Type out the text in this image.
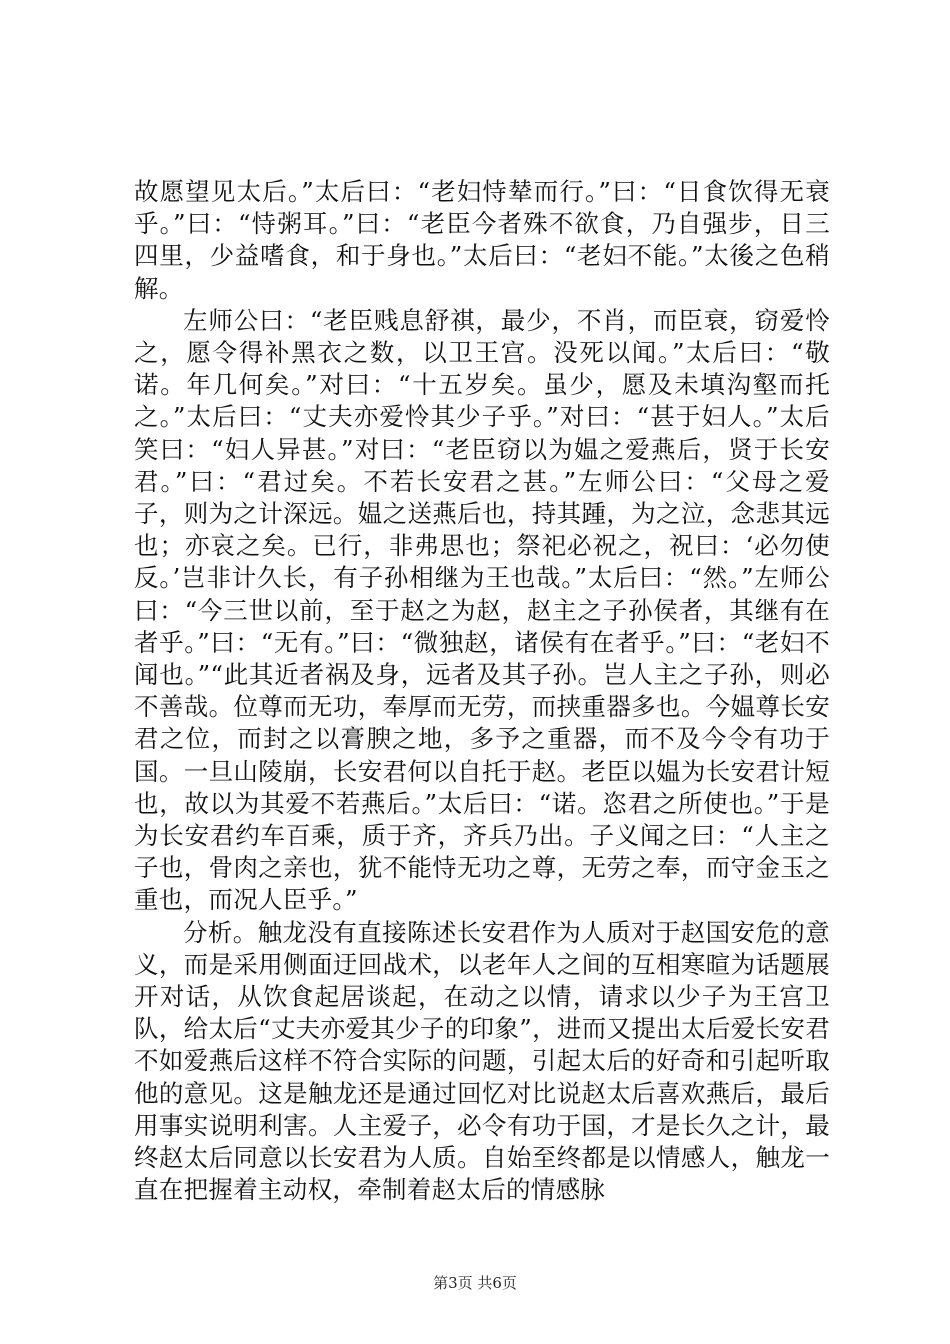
故愿望见太后。”太后曰：“老妇恃辇而行。”曰：“日食饮得无衰乎。”曰：“恃粥耳。”曰：“老臣今者殊不欲食，乃自强步，日三四里，少益嗜食，和于身也。”太后曰：“老妇不能。”太後之色稍解。

左师公曰：“老臣贱息舒祺，最少，不肖，而臣衰，窃爱怜之，愿令得补黑衣之数，以卫王宫。没死以闻。”太后曰：“敬诺。年几何矣。”对曰：“十五岁矣。虽少，愿及未填沟壑而托之。”太后曰：“丈夫亦爱怜其少子乎。”对曰：“甚于妇人。”太后笑曰：“妇人异甚。”对曰：“老臣窃以为媪之爱燕后，贤于长安君。”曰：“君过矣。不若长安君之甚。”左师公曰：“父母之爱子，则为之计深远。媪之送燕后也，持其踵，为之泣，念悲其远也；亦哀之矣。已行，非弗思也；祭祀必祝之，祝曰：‘必勿使反。’岂非计久长，有子孙相继为王也哉。”太后曰：“然。”左师公曰：“今三世以前，至于赵之为赵，赵主之子孙侯者，其继有在者乎。”曰：“无有。”曰：“微独赵，诸侯有在者乎。”曰：“老妇不闻也。”“此其近者祸及身，远者及其子孙。岂人主之子孙，则必不善哉。位尊而无功，奉厚而无劳，而挟重器多也。今媪尊长安君之位，而封之以膏腴之地，多予之重器，而不及今令有功于国。一旦山陵崩，长安君何以自托于赵。老臣以媪为长安君计短也，故以为其爱不若燕后。”太后曰：“诺。恣君之所使也。”于是为长安君约车百乘，质于齐，齐兵乃出。子义闻之曰：“人主之子也，骨肉之亲也，犹不能恃无功之尊，无劳之奉，而守金玉之重也，而况人臣乎。”

分析。触龙没有直接陈述长安君作为人质对于赵国安危的意义，而是采用侧面迂回战术，以老年人之间的互相寒暄为话题展开对话，从饮食起居谈起，在动之以情，请求以少子为王宫卫队，给太后“丈夫亦爱其少子的印象”，进而又提出太后爱长安君不如爱燕后这样不符合实际的问题，引起太后的好奇和引起听取他的意见。这是触龙还是通过回忆对比说赵太后喜欢燕后，最后用事实说明利害。人主爱子，必令有功于国，才是长久之计，最终赵太后同意以长安君为人质。自始至终都是以情感人，触龙一直在把握着主动权，牵制着赵太后的情感脉

第3页 共6页
